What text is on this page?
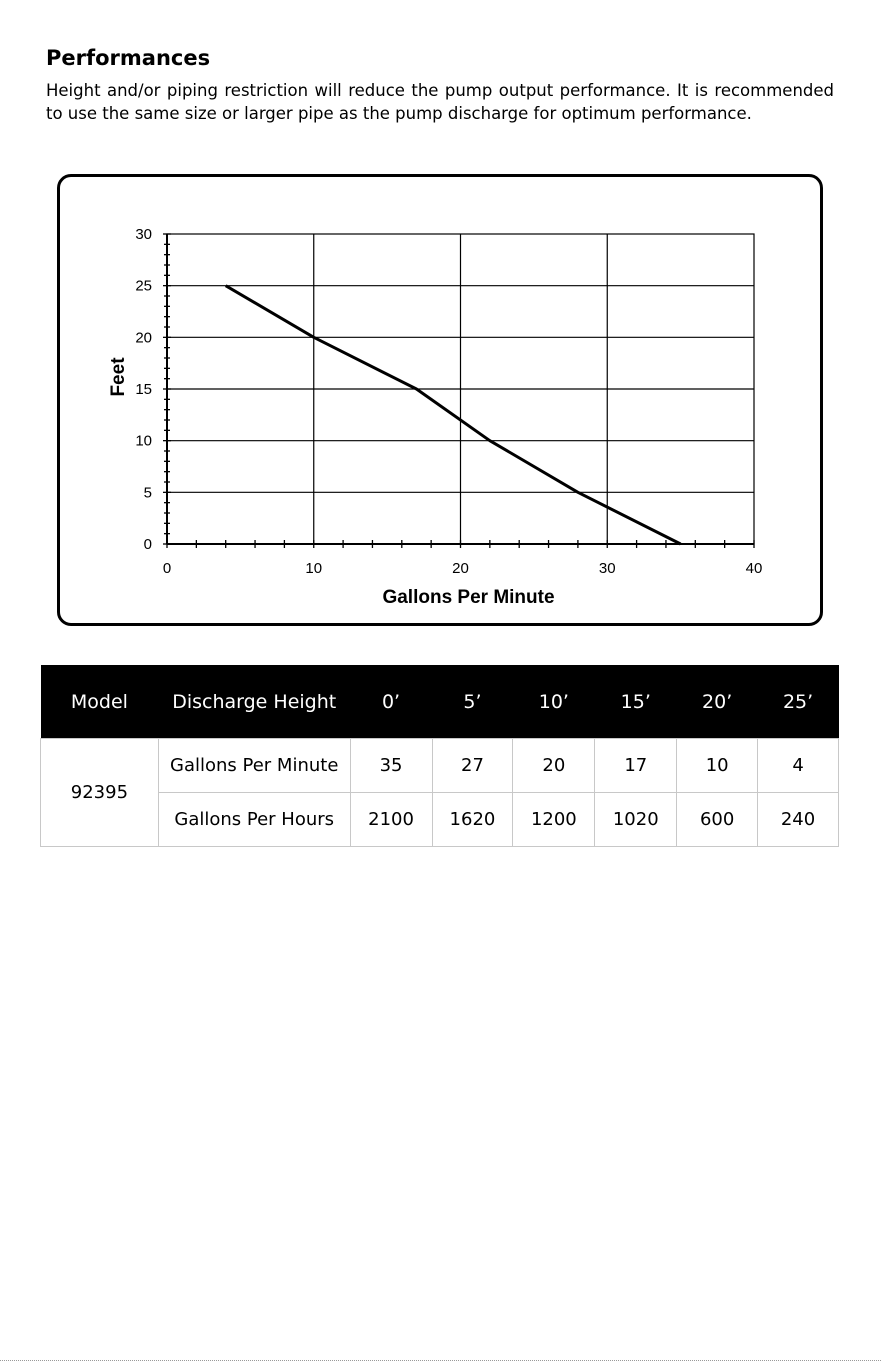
Performances

Height and/or piping restriction will reduce the pump output performance. It is recommended to use the same size or larger pipe as the pump discharge for optimum performance.

0
5
10
15
20
25
30
0	10	20	30	40
Gallons Per Minute
Feet
Model	Discharge Height	0’	5’	10’	15’	20’	25’
92395	Gallons Per Minute	35	27	20	17	10	4
	Gallons Per Hours	2100	1620	1200	1020	600	240
